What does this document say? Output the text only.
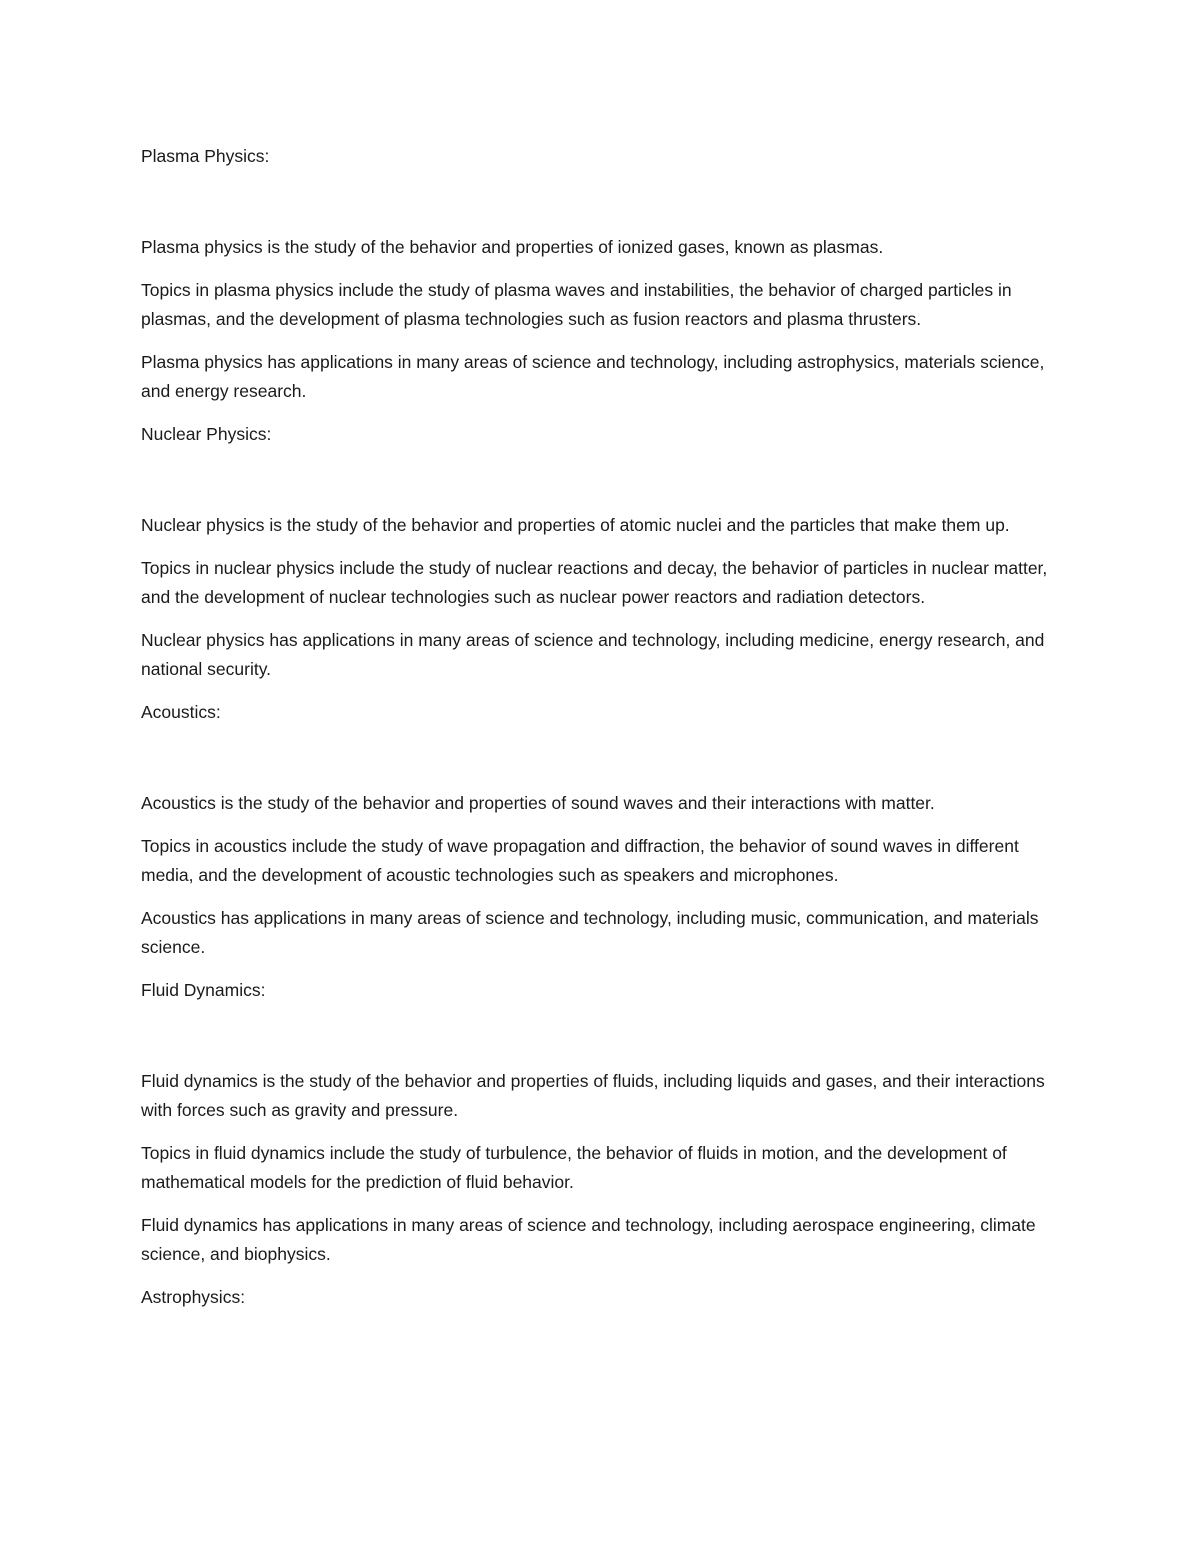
Plasma Physics:

Plasma physics is the study of the behavior and properties of ionized gases, known as plasmas.

Topics in plasma physics include the study of plasma waves and instabilities, the behavior of charged particles in plasmas, and the development of plasma technologies such as fusion reactors and plasma thrusters.

Plasma physics has applications in many areas of science and technology, including astrophysics, materials science, and energy research.

Nuclear Physics:

Nuclear physics is the study of the behavior and properties of atomic nuclei and the particles that make them up.

Topics in nuclear physics include the study of nuclear reactions and decay, the behavior of particles in nuclear matter, and the development of nuclear technologies such as nuclear power reactors and radiation detectors.

Nuclear physics has applications in many areas of science and technology, including medicine, energy research, and national security.

Acoustics:

Acoustics is the study of the behavior and properties of sound waves and their interactions with matter.

Topics in acoustics include the study of wave propagation and diffraction, the behavior of sound waves in different media, and the development of acoustic technologies such as speakers and microphones.

Acoustics has applications in many areas of science and technology, including music, communication, and materials science.

Fluid Dynamics:

Fluid dynamics is the study of the behavior and properties of fluids, including liquids and gases, and their interactions with forces such as gravity and pressure.

Topics in fluid dynamics include the study of turbulence, the behavior of fluids in motion, and the development of mathematical models for the prediction of fluid behavior.

Fluid dynamics has applications in many areas of science and technology, including aerospace engineering, climate science, and biophysics.

Astrophysics:
